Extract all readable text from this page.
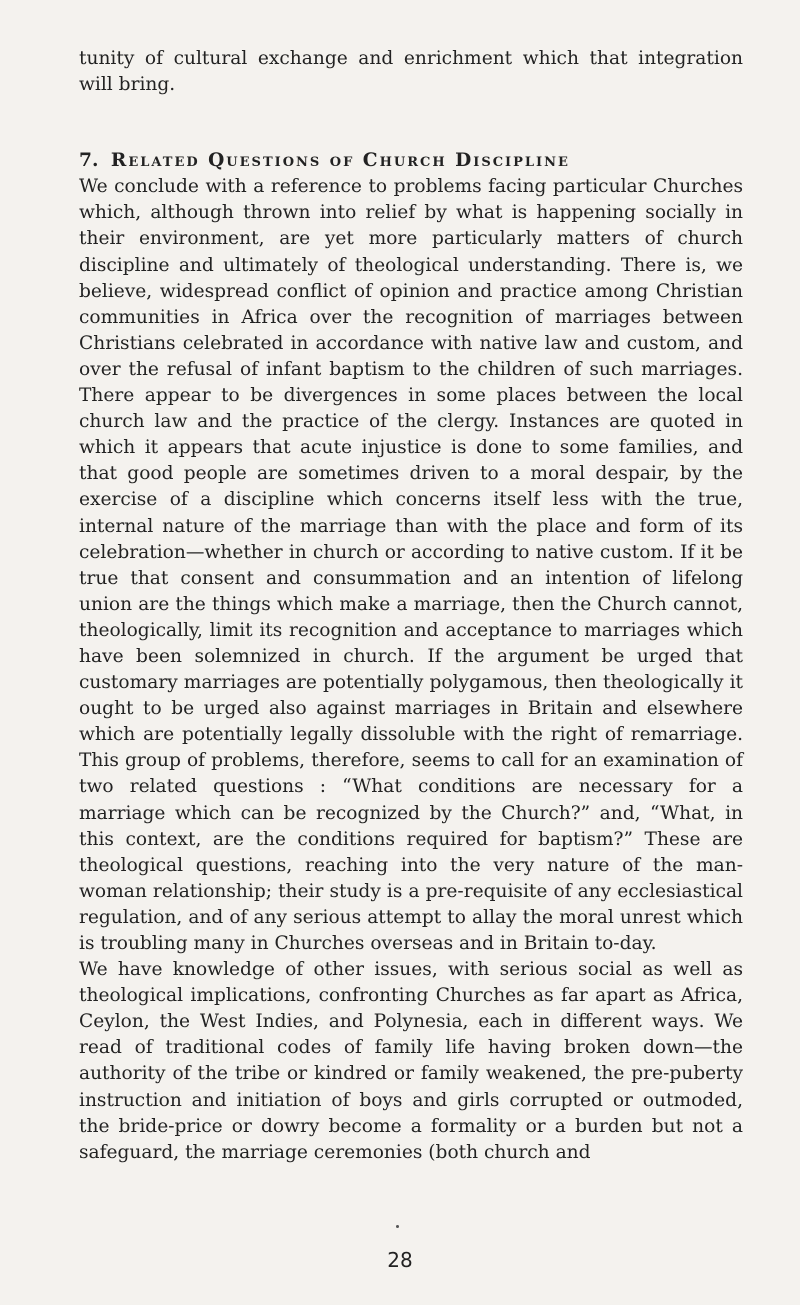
tunity of cultural exchange and enrichment which that integration will bring.

7. Related Questions of Church Discipline

We conclude with a reference to problems facing particular Churches which, although thrown into relief by what is happening socially in their environment, are yet more particularly matters of church discipline and ultimately of theological understanding. There is, we believe, widespread conflict of opinion and practice among Christian communities in Africa over the recognition of marriages between Christians celebrated in accordance with native law and custom, and over the refusal of infant baptism to the children of such marriages. There appear to be divergences in some places between the local church law and the practice of the clergy. Instances are quoted in which it appears that acute injustice is done to some families, and that good people are sometimes driven to a moral despair, by the exercise of a discipline which concerns itself less with the true, internal nature of the marriage than with the place and form of its celebration—whether in church or according to native custom. If it be true that consent and consummation and an intention of lifelong union are the things which make a marriage, then the Church cannot, theologically, limit its recognition and acceptance to marriages which have been solemnized in church. If the argument be urged that customary marriages are potentially polygamous, then theologically it ought to be urged also against marriages in Britain and elsewhere which are potentially legally dissoluble with the right of remarriage. This group of problems, therefore, seems to call for an examination of two related questions : “What conditions are necessary for a marriage which can be recognized by the Church?” and, “What, in this context, are the conditions required for baptism?” These are theological questions, reaching into the very nature of the man-woman relationship; their study is a pre-requisite of any ecclesiastical regulation, and of any serious attempt to allay the moral unrest which is troubling many in Churches overseas and in Britain to-day.

We have knowledge of other issues, with serious social as well as theological implications, confronting Churches as far apart as Africa, Ceylon, the West Indies, and Polynesia, each in different ways. We read of traditional codes of family life having broken down—the authority of the tribe or kindred or family weakened, the pre-puberty instruction and initiation of boys and girls corrupted or outmoded, the bride-price or dowry become a formality or a burden but not a safeguard, the marriage ceremonies (both church and

28
